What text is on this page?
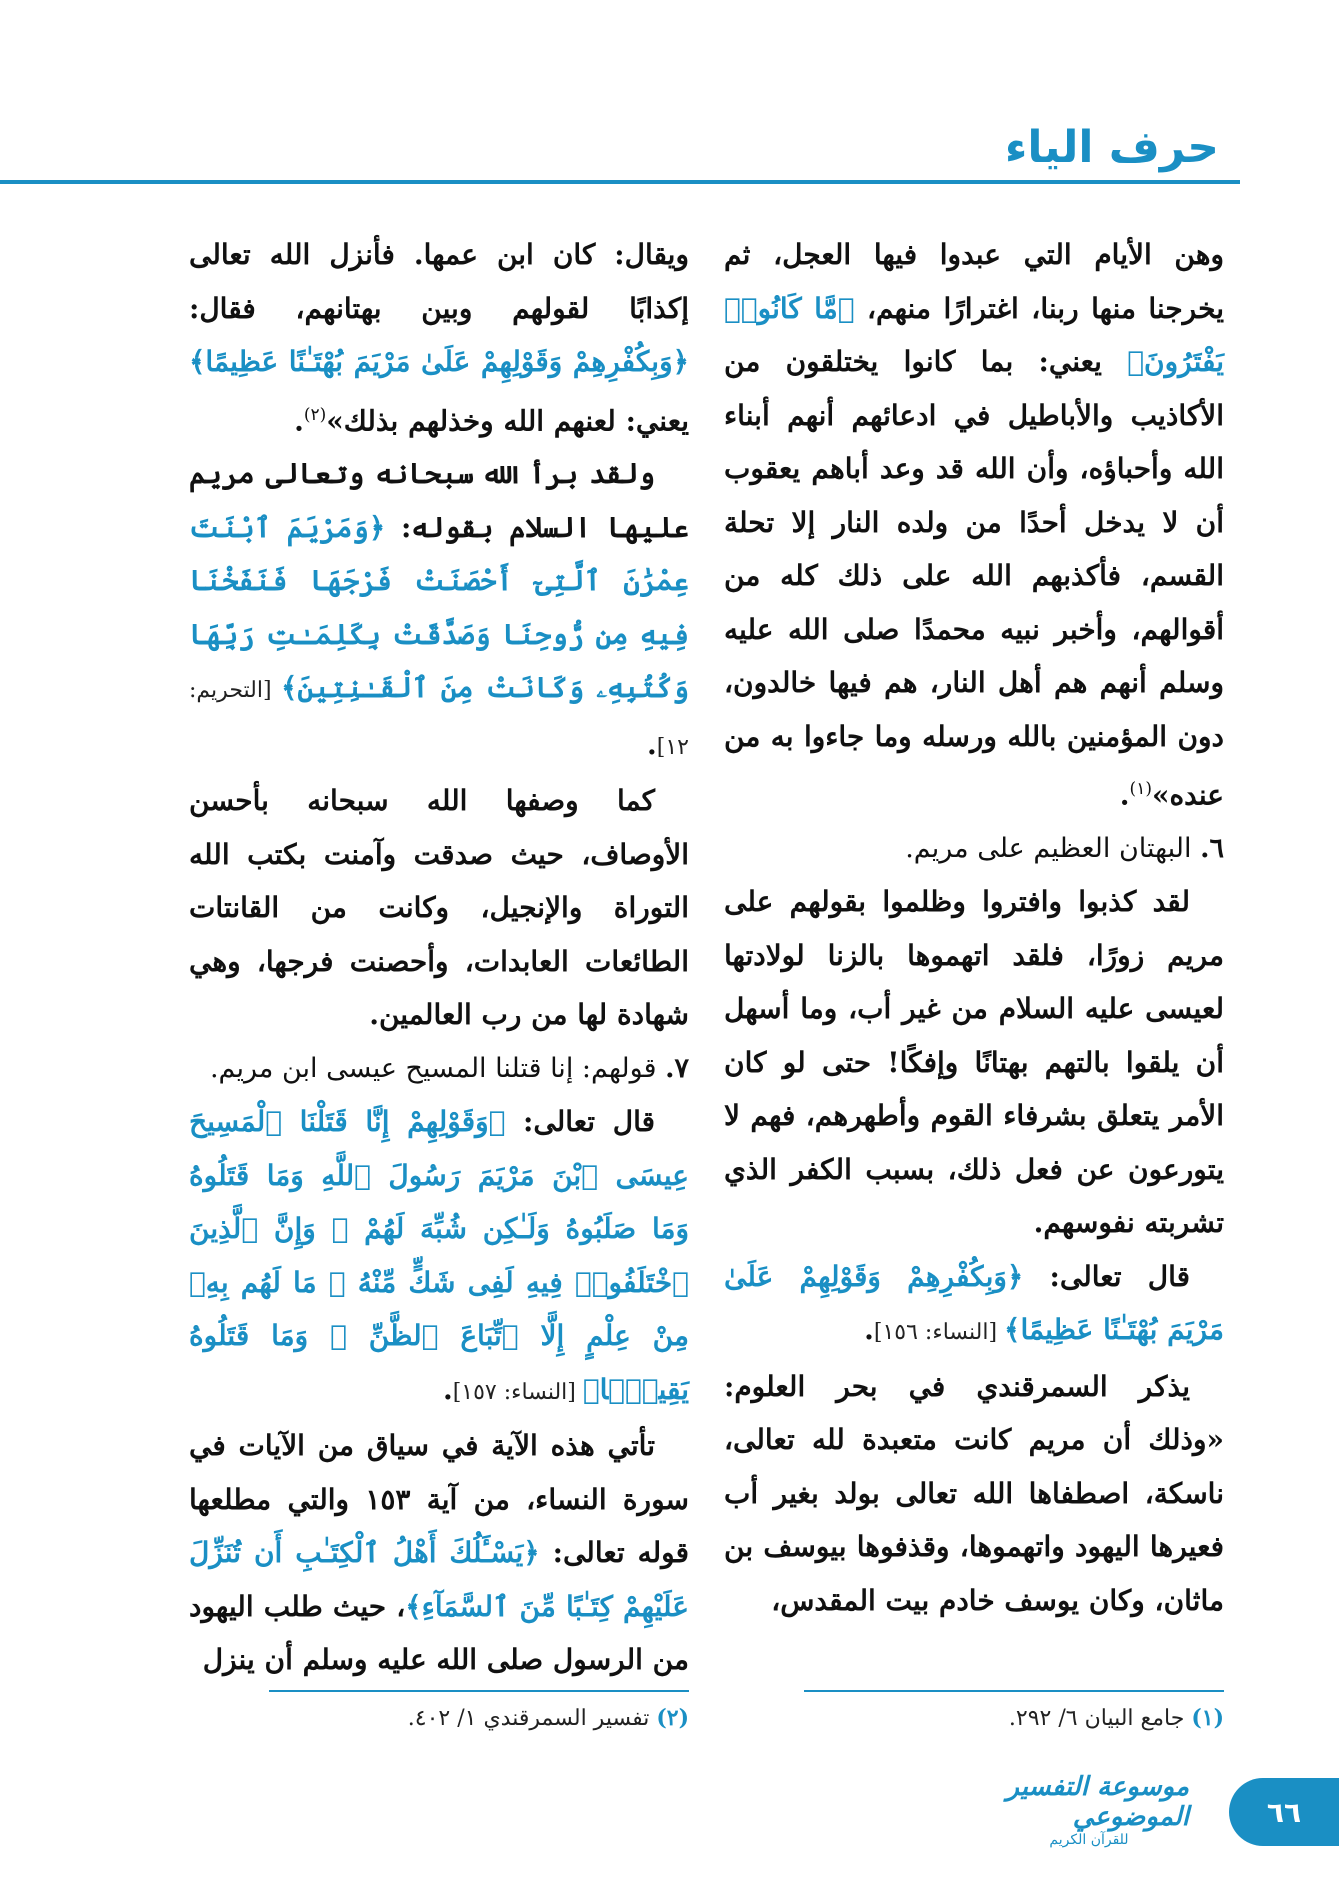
حرف الياء

وهن الأيام التي عبدوا فيها العجل، ثم يخرجنا منها ربنا، اغترارًا منهم، ﴿مَّا كَانُوا۟ يَفْتَرُونَ﴾ يعني: بما كانوا يختلقون من الأكاذيب والأباطيل في ادعائهم أنهم أبناء الله وأحباؤه، وأن الله قد وعد أباهم يعقوب أن لا يدخل أحدًا من ولده النار إلا تحلة القسم، فأكذبهم الله على ذلك كله من أقوالهم، وأخبر نبيه محمدًا صلى الله عليه وسلم أنهم هم أهل النار، هم فيها خالدون، دون المؤمنين بالله ورسله وما جاءوا به من عنده»$^{(١)}$.

٦. البهتان العظيم على مريم.

لقد كذبوا وافتروا وظلموا بقولهم على مريم زورًا، فلقد اتهموها بالزنا لولادتها لعيسى عليه السلام من غير أب، وما أسهل أن يلقوا بالتهم بهتانًا وإفكًا! حتى لو كان الأمر يتعلق بشرفاء القوم وأطهرهم، فهم لا يتورعون عن فعل ذلك، بسبب الكفر الذي تشربته نفوسهم.

قال تعالى: ﴿وَبِكُفْرِهِمْ وَقَوْلِهِمْ عَلَىٰ مَرْيَمَ بُهْتَـٰنًا عَظِيمًا﴾ [النساء: ١٥٦].

يذكر السمرقندي في بحر العلوم: «وذلك أن مريم كانت متعبدة لله تعالى، ناسكة، اصطفاها الله تعالى بولد بغير أب فعيرها اليهود واتهموها، وقذفوها بيوسف بن ماثان، وكان يوسف خادم بيت المقدس،

ويقال: كان ابن عمها. فأنزل الله تعالى إكذابًا لقولهم وبين بهتانهم، فقال: ﴿وَبِكُفْرِهِمْ وَقَوْلِهِمْ عَلَىٰ مَرْيَمَ بُهْتَـٰنًا عَظِيمًا﴾ يعني: لعنهم الله وخذلهم بذلك»$^{(٢)}$.

ولقد برأ الله سبحانه وتعالى مريم عليها السلام بقوله: ﴿وَمَرْيَمَ ٱبْنَتَ عِمْرَٰنَ ٱلَّتِىٓ أَحْصَنَتْ فَرْجَهَا فَنَفَخْنَا فِيهِ مِن رُّوحِنَا وَصَدَّقَتْ بِكَلِمَـٰتِ رَبِّهَا وَكُتُبِهِۦ وَكَانَتْ مِنَ ٱلْقَـٰنِتِينَ﴾ [التحريم: ١٢].

كما وصفها الله سبحانه بأحسن الأوصاف، حيث صدقت وآمنت بكتب الله التوراة والإنجيل، وكانت من القانتات الطائعات العابدات، وأحصنت فرجها، وهي شهادة لها من رب العالمين.

٧. قولهم: إنا قتلنا المسيح عيسى ابن مريم.

قال تعالى: ﴿وَقَوْلِهِمْ إِنَّا قَتَلْنَا ٱلْمَسِيحَ عِيسَى ٱبْنَ مَرْيَمَ رَسُولَ ٱللَّهِ وَمَا قَتَلُوهُ وَمَا صَلَبُوهُ وَلَـٰكِن شُبِّهَ لَهُمْ ۚ وَإِنَّ ٱلَّذِينَ ٱخْتَلَفُوا۟ فِيهِ لَفِى شَكٍّ مِّنْهُ ۚ مَا لَهُم بِهِۦ مِنْ عِلْمٍ إِلَّا ٱتِّبَاعَ ٱلظَّنِّ ۚ وَمَا قَتَلُوهُ يَقِينًۢا﴾ [النساء: ١٥٧].

تأتي هذه الآية في سياق من الآيات في سورة النساء، من آية ١٥٣ والتي مطلعها قوله تعالى: ﴿يَسْـَٔلُكَ أَهْلُ ٱلْكِتَـٰبِ أَن تُنَزِّلَ عَلَيْهِمْ كِتَـٰبًا مِّنَ ٱلسَّمَآءِ﴾، حيث طلب اليهود من الرسول صلى الله عليه وسلم أن ينزل

(١) جامع البيان ٦/ ٢٩٢.
(٢) تفسير السمرقندي ١/ ٤٠٢.
٦٦
موسوعة التفسير الموضوعي
للقرآن الكريم
